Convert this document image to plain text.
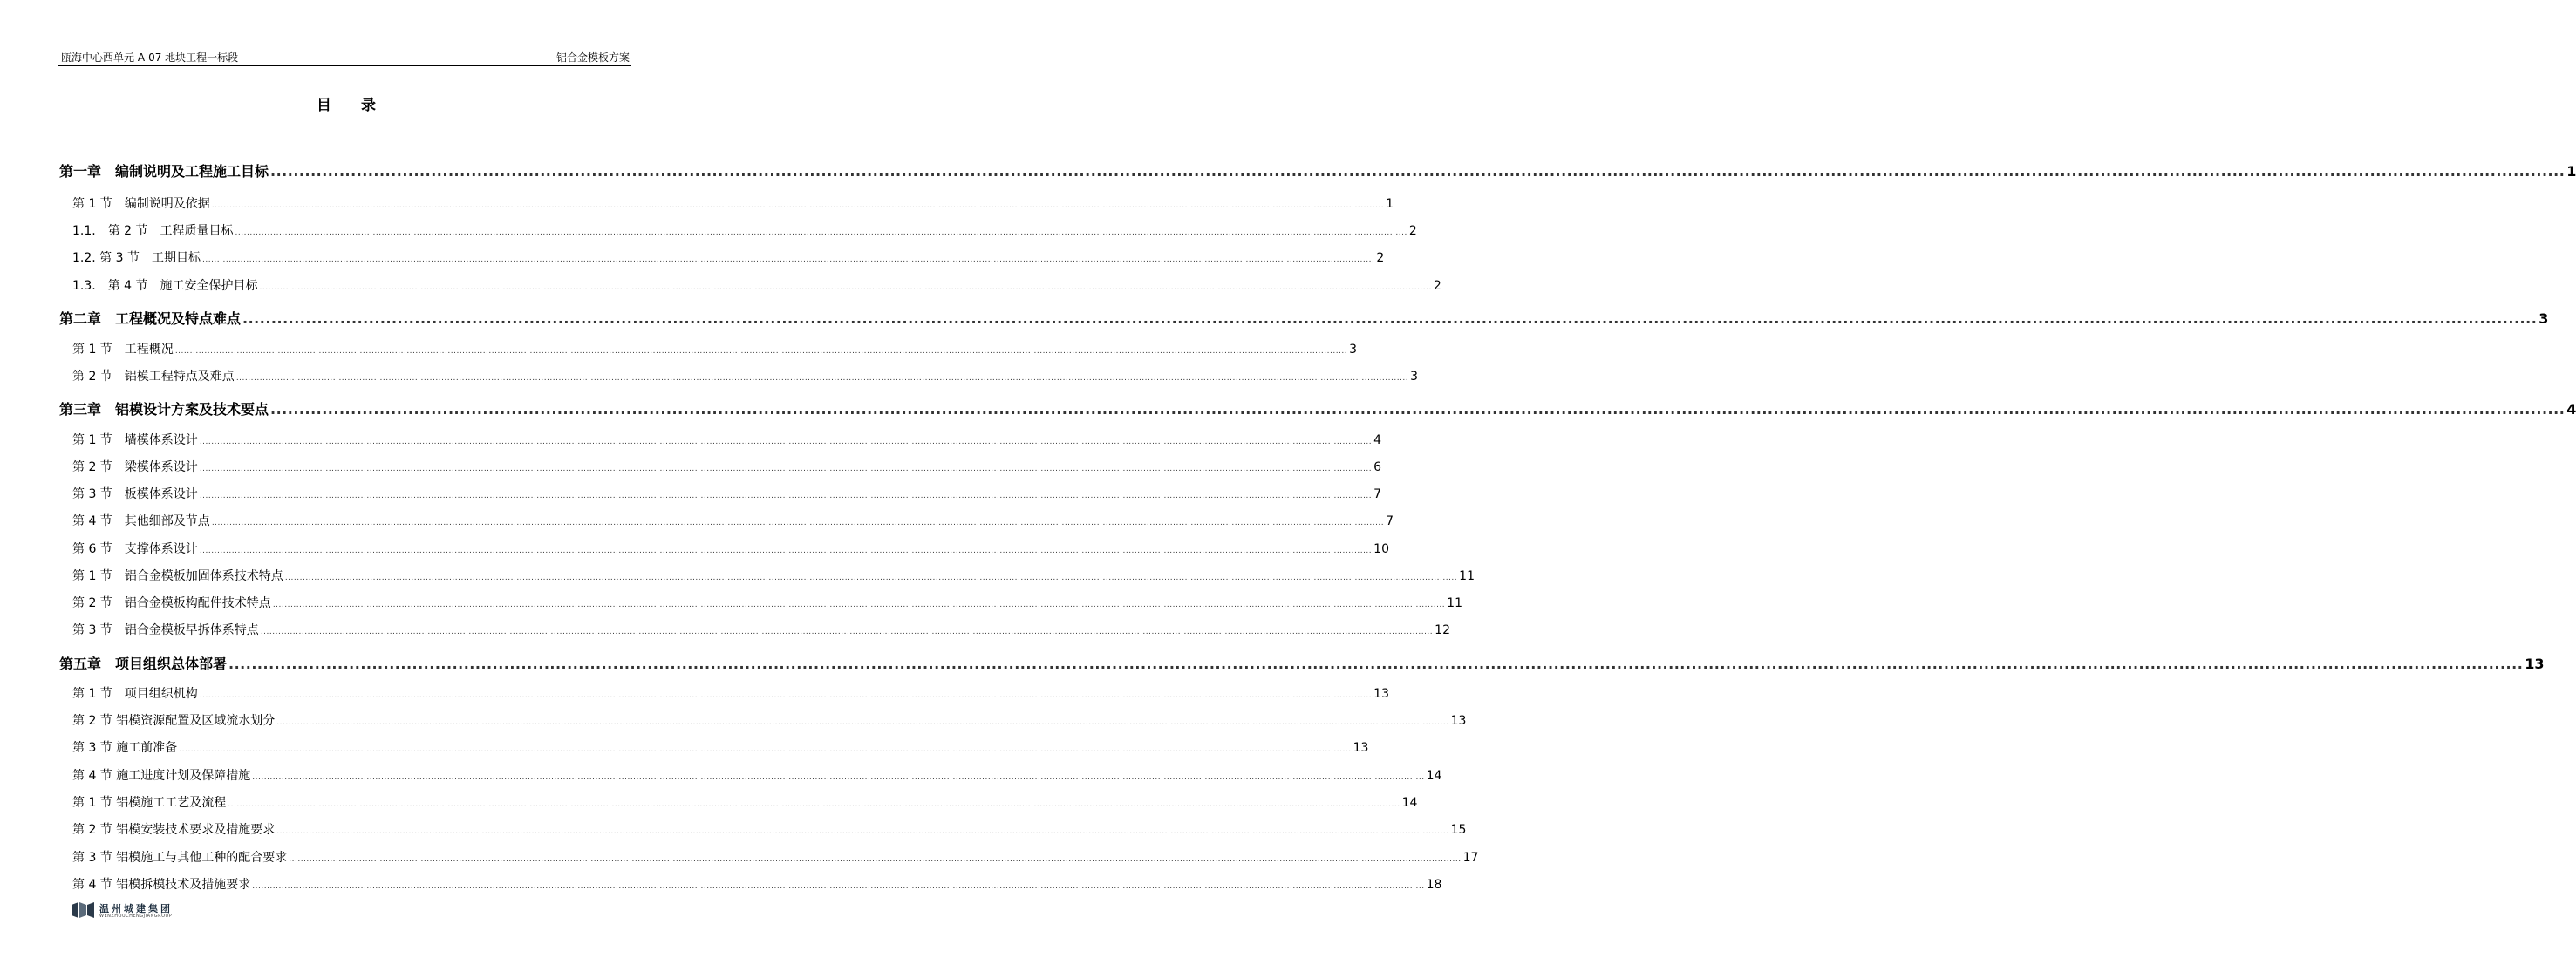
瓯海中心西单元 A-07 地块工程一标段	铝合金模板方案
目 录
第一章　编制说明及工程施工目标 ................................................................................................................................................................................................................................................................................................................................................................................................................ 1
第 1 节　编制说明及依据 ................................................................................................................................................................................................................................................................................................................................................................................................................ 1
1.1.　第 2 节　工程质量目标 ................................................................................................................................................................................................................................................................................................................................................................................................................ 2
1.2. 第 3 节　工期目标 ................................................................................................................................................................................................................................................................................................................................................................................................................ 2
1.3.　第 4 节　施工安全保护目标 ................................................................................................................................................................................................................................................................................................................................................................................................................ 2
第二章　工程概况及特点难点 ................................................................................................................................................................................................................................................................................................................................................................................................................ 3
第 1 节　工程概况 ................................................................................................................................................................................................................................................................................................................................................................................................................ 3
第 2 节　铝模工程特点及难点 ................................................................................................................................................................................................................................................................................................................................................................................................................ 3
第三章　铝模设计方案及技术要点 ................................................................................................................................................................................................................................................................................................................................................................................................................ 4
第 1 节　墙模体系设计 ................................................................................................................................................................................................................................................................................................................................................................................................................ 4
第 2 节　梁模体系设计 ................................................................................................................................................................................................................................................................................................................................................................................................................ 6
第 3 节　板模体系设计 ................................................................................................................................................................................................................................................................................................................................................................................................................ 7
第 4 节　其他细部及节点 ................................................................................................................................................................................................................................................................................................................................................................................................................ 7
第 6 节　支撑体系设计 ................................................................................................................................................................................................................................................................................................................................................................................................................ 10
第 1 节　铝合金模板加固体系技术特点 ................................................................................................................................................................................................................................................................................................................................................................................................................ 11
第 2 节　铝合金模板构配件技术特点 ................................................................................................................................................................................................................................................................................................................................................................................................................ 11
第 3 节　铝合金模板早拆体系特点 ................................................................................................................................................................................................................................................................................................................................................................................................................ 12
第五章　项目组织总体部署 ................................................................................................................................................................................................................................................................................................................................................................................................................ 13
第 1 节　项目组织机构 ................................................................................................................................................................................................................................................................................................................................................................................................................ 13
第 2 节 铝模资源配置及区域流水划分 ................................................................................................................................................................................................................................................................................................................................................................................................................ 13
第 3 节 施工前准备 ................................................................................................................................................................................................................................................................................................................................................................................................................ 13
第 4 节 施工进度计划及保障措施 ................................................................................................................................................................................................................................................................................................................................................................................................................ 14
第 1 节 铝模施工工艺及流程 ................................................................................................................................................................................................................................................................................................................................................................................................................ 14
第 2 节 铝模安装技术要求及措施要求 ................................................................................................................................................................................................................................................................................................................................................................................................................ 15
第 3 节 铝模施工与其他工种的配合要求 ................................................................................................................................................................................................................................................................................................................................................................................................................ 17
第 4 节 铝模拆模技术及措施要求 ................................................................................................................................................................................................................................................................................................................................................................................................................ 18
温州城建集团
WENZHOUCHENGJIANGROUP
